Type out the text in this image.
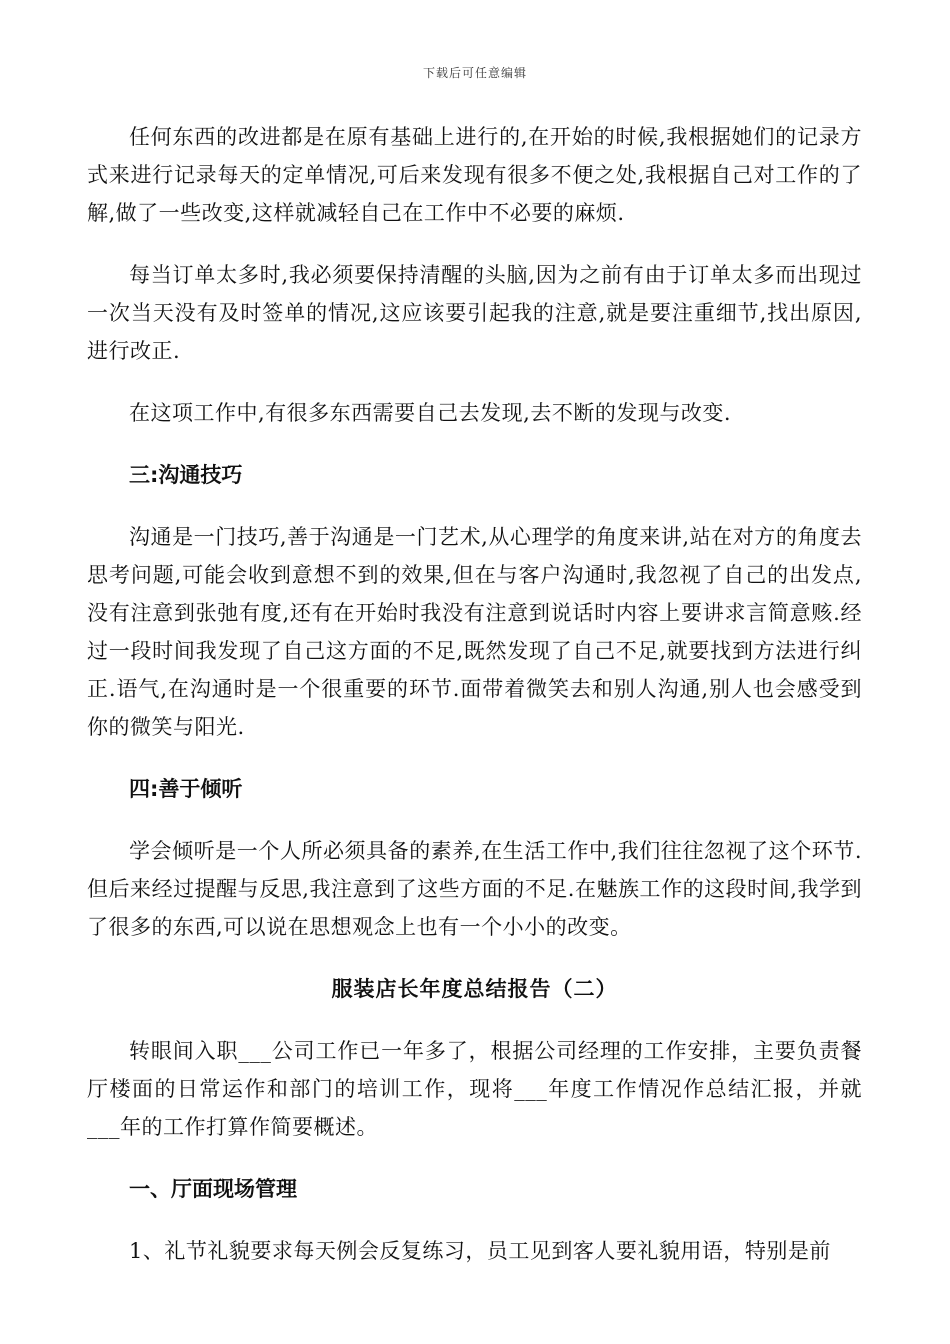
下载后可任意编辑

任何东西的改进都是在原有基础上进行的,在开始的时候,我根据她们的记录方式来进行记录每天的定单情况,可后来发现有很多不便之处,我根据自己对工作的了解,做了一些改变,这样就减轻自己在工作中不必要的麻烦.

每当订单太多时,我必须要保持清醒的头脑,因为之前有由于订单太多而出现过一次当天没有及时签单的情况,这应该要引起我的注意,就是要注重细节,找出原因,进行改正.

在这项工作中,有很多东西需要自己去发现,去不断的发现与改变.

三:沟通技巧

沟通是一门技巧,善于沟通是一门艺术,从心理学的角度来讲,站在对方的角度去思考问题,可能会收到意想不到的效果,但在与客户沟通时,我忽视了自己的出发点,没有注意到张弛有度,还有在开始时我没有注意到说话时内容上要讲求言简意赅.经过一段时间我发现了自己这方面的不足,既然发现了自己不足,就要找到方法进行纠正.语气,在沟通时是一个很重要的环节.面带着微笑去和别人沟通,别人也会感受到你的微笑与阳光.

四:善于倾听

学会倾听是一个人所必须具备的素养,在生活工作中,我们往往忽视了这个环节.但后来经过提醒与反思,我注意到了这些方面的不足.在魅族工作的这段时间,我学到了很多的东西,可以说在思想观念上也有一个小小的改变。

服装店长年度总结报告（二）

转眼间入职___公司工作已一年多了，根据公司经理的工作安排，主要负责餐厅楼面的日常运作和部门的培训工作，现将___年度工作情况作总结汇报，并就___年的工作打算作简要概述。

一、厅面现场管理

1、礼节礼貌要求每天例会反复练习，员工见到客人要礼貌用语，特别是前
